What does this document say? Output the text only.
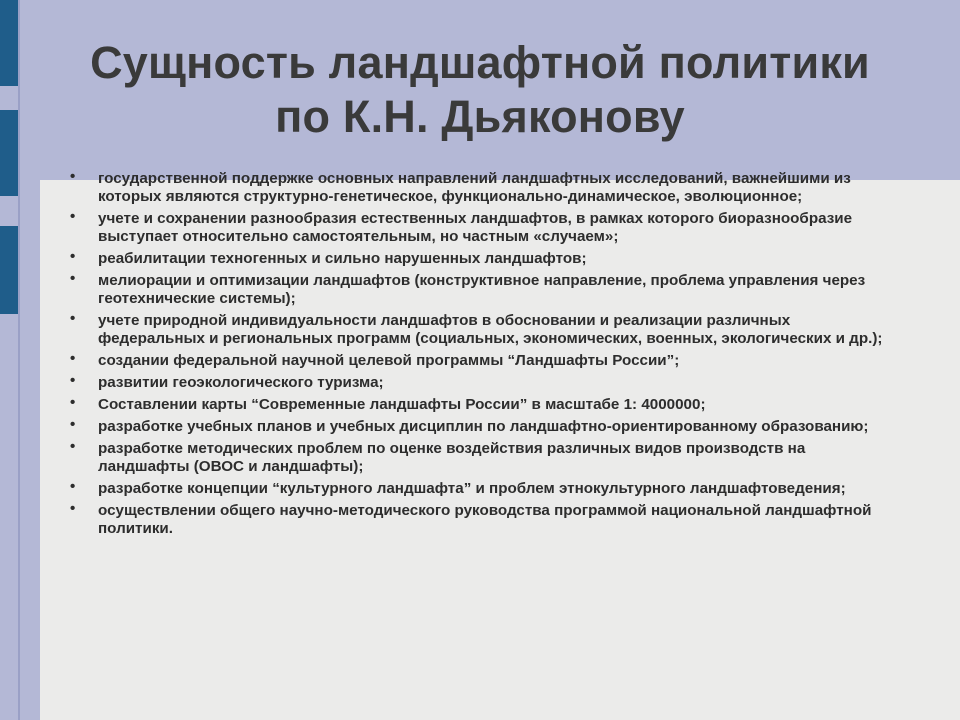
Сущность ландшафтной политики
по К.Н. Дьяконову
• государственной поддержке основных направлений ландшафтных исследований, важнейшими из которых являются структурно-генетическое, функционально-динамическое, эволюционное;
• учете и сохранении разнообразия естественных ландшафтов, в рамках которого биоразнообразие выступает относительно самостоятельным, но частным «случаем»;
• реабилитации техногенных и сильно нарушенных ландшафтов;
• мелиорации и оптимизации ландшафтов (конструктивное направление, проблема управления через геотехнические системы);
• учете природной индивидуальности ландшафтов в обосновании и реализации различных федеральных и региональных программ (социальных, экономических, военных, экологических и др.);
• создании федеральной научной целевой программы “Ландшафты России”;
• развитии геоэкологического туризма;
• Составлении карты “Современные ландшафты России” в масштабе 1: 4000000;
• разработке учебных планов и учебных дисциплин по ландшафтно-ориентированному образованию;
• разработке методических проблем по оценке воздействия различных видов производств на ландшафты (ОВОС и ландшафты);
• разработке концепции “культурного ландшафта” и проблем этнокультурного ландшафтоведения;
• осуществлении общего научно-методического руководства программой национальной ландшафтной политики.
